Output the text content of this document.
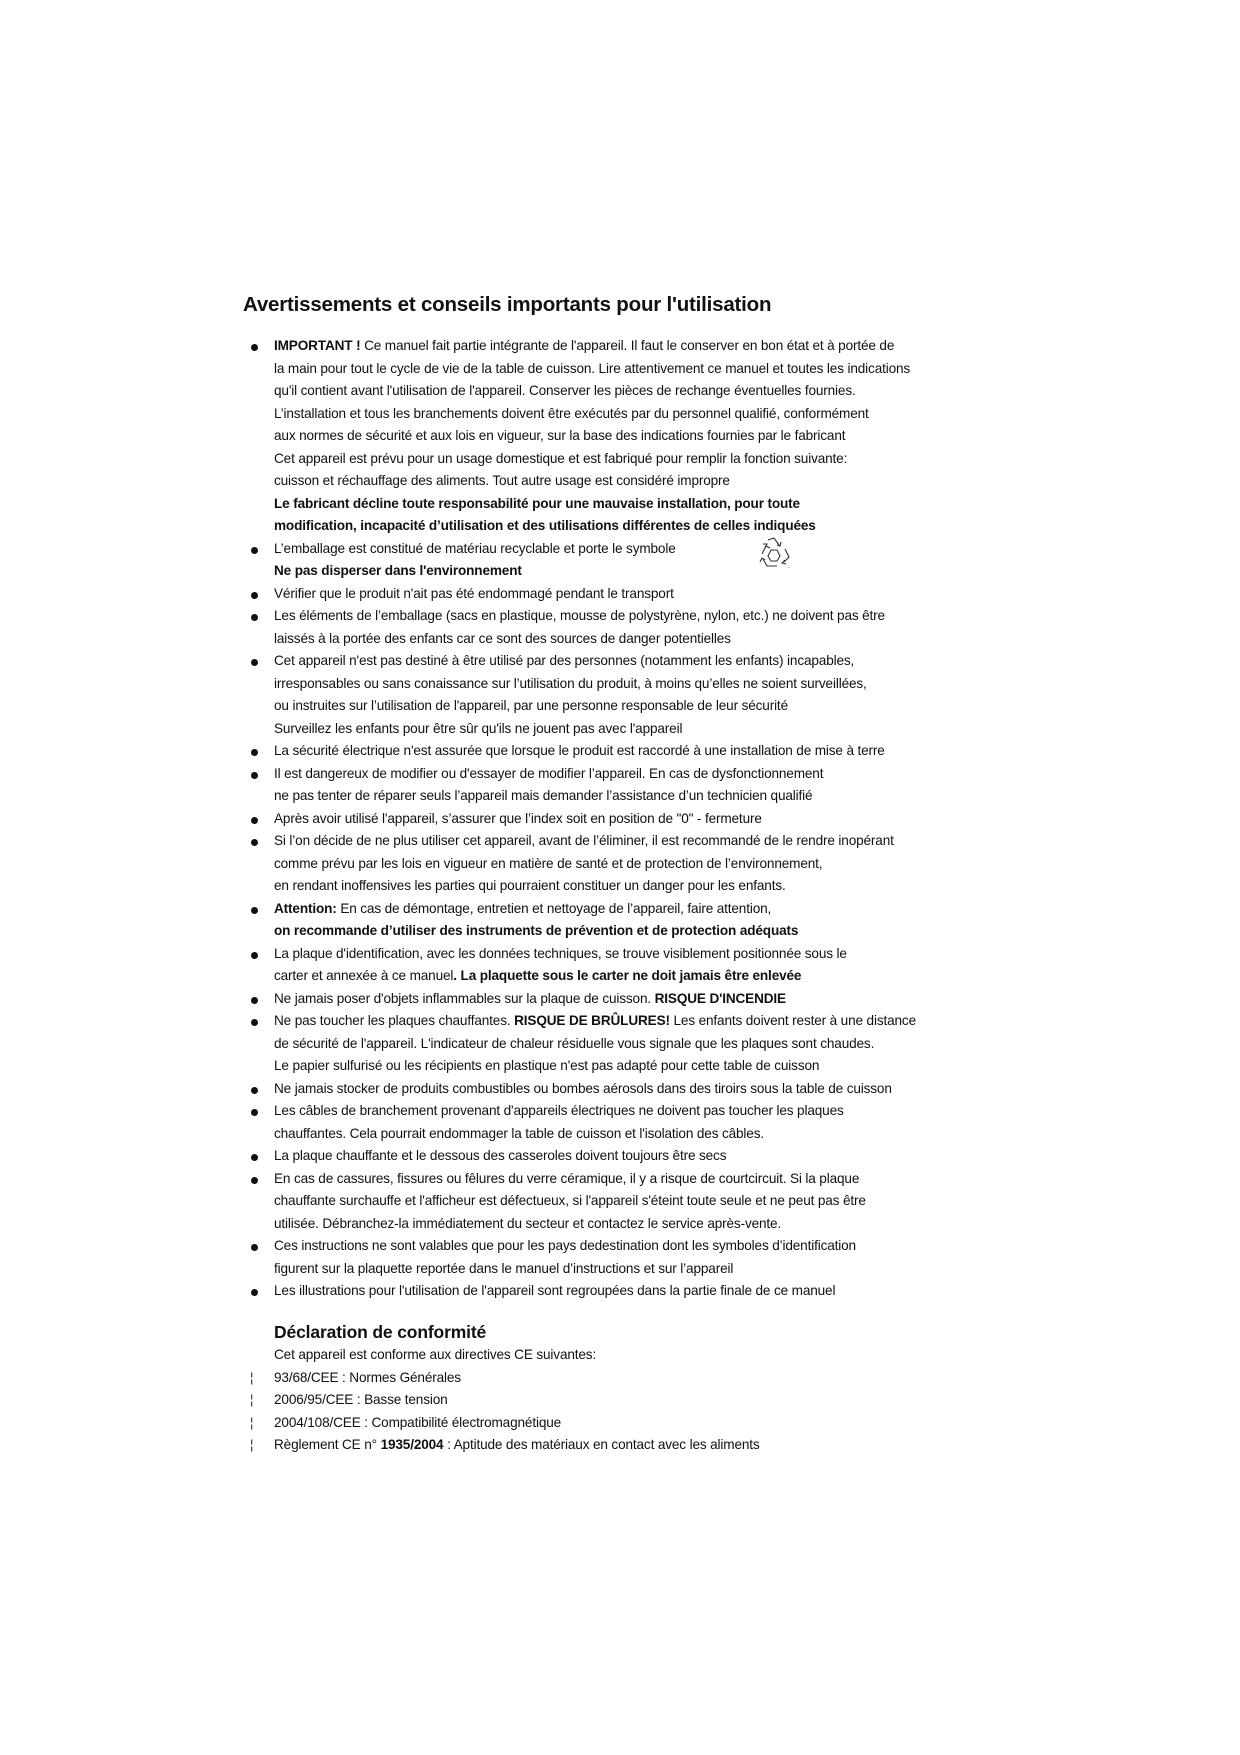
Avertissements et conseils importants pour l'utilisation
IMPORTANT ! Ce manuel fait partie intégrante de l'appareil. Il faut le conserver en bon état et à portée de
la main pour tout le cycle de vie de la table de cuisson. Lire attentivement ce manuel et toutes les indications
qu'il contient avant l'utilisation de l'appareil. Conserver les pièces de rechange éventuelles fournies.
L’installation et tous les branchements doivent être exécutés par du personnel qualifié, conformément
aux normes de sécurité et aux lois en vigueur, sur la base des indications fournies par le fabricant
Cet appareil est prévu pour un usage domestique et est fabriqué pour remplir la fonction suivante:
cuisson et réchauffage des aliments. Tout autre usage est considéré impropre
Le fabricant décline toute responsabilité pour une mauvaise installation, pour toute
modification, incapacité d’utilisation et des utilisations différentes de celles indiquées
L’emballage est constitué de matériau recyclable et porte le symbole
Ne pas disperser dans l'environnement	.
Vérifier que le produit n'ait pas été endommagé pendant le transport
Les éléments de l’emballage (sacs en plastique, mousse de polystyrène, nylon, etc.) ne doivent pas être
laissés à la portée des enfants car ce sont des sources de danger potentielles
Cet appareil n'est pas destiné à être utilisé par des personnes (notamment les enfants) incapables,
irresponsables ou sans conaissance sur l’utilisation du produit, à moins qu’elles ne soient surveillées,
ou instruites sur l’utilisation de l'appareil, par une personne responsable de leur sécurité
Surveillez les enfants pour être sûr qu'ils ne jouent pas avec l'appareil
La sécurité électrique n'est assurée que lorsque le produit est raccordé à une installation de mise à terre
Il est dangereux de modifier ou d'essayer de modifier l’appareil. En cas de dysfonctionnement
ne pas tenter de réparer seuls l’appareil mais demander l’assistance d’un technicien qualifié
Après avoir utilisé l'appareil, s’assurer que l’index soit en position de "0" - fermeture
Si l’on décide de ne plus utiliser cet appareil, avant de l’éliminer, il est recommandé de le rendre inopérant
comme prévu par les lois en vigueur en matière de santé et de protection de l’environnement,
en rendant inoffensives les parties qui pourraient constituer un danger pour les enfants.
Attention: En cas de démontage, entretien et nettoyage de l’appareil, faire attention,
on recommande d’utiliser des instruments de prévention et de protection adéquats
La plaque d'identification, avec les données techniques, se trouve visiblement positionnée sous le
carter et annexée à ce manuel. La plaquette sous le carter ne doit jamais être enlevée
Ne jamais poser d'objets inflammables sur la plaque de cuisson. RISQUE D'INCENDIE
Ne pas toucher les plaques chauffantes. RISQUE DE BRÛLURES! Les enfants doivent rester à une distance
de sécurité de l'appareil. L'indicateur de chaleur résiduelle vous signale que les plaques sont chaudes.
Le papier sulfurisé ou les récipients en plastique n'est pas adapté pour cette table de cuisson
Ne jamais stocker de produits combustibles ou bombes aérosols dans des tiroirs sous la table de cuisson
Les câbles de branchement provenant d'appareils électriques ne doivent pas toucher les plaques
chauffantes. Cela pourrait endommager la table de cuisson et l'isolation des câbles.
La plaque chauffante et le dessous des casseroles doivent toujours être secs
En cas de cassures, fissures ou fêlures du verre céramique, il y a risque de courtcircuit. Si la plaque
chauffante surchauffe et l'afficheur est défectueux, si l'appareil s'éteint toute seule et ne peut pas être
utilisée. Débranchez-la immédiatement du secteur et contactez le service après-vente.
Ces instructions ne sont valables que pour les pays dedestination dont les symboles d’identification
figurent sur la plaquette reportée dans le manuel d’instructions et sur l’appareil
Les illustrations pour l'utilisation de l'appareil sont regroupées dans la partie finale de ce manuel
Déclaration de conformité
Cet appareil est conforme aux directives CE suivantes:
¦ 93/68/CEE : Normes Générales
¦ 2006/95/CEE : Basse tension
¦ 2004/108/CEE : Compatibilité électromagnétique
¦ Règlement CE n° 1935/2004 : Aptitude des matériaux en contact avec les aliments
